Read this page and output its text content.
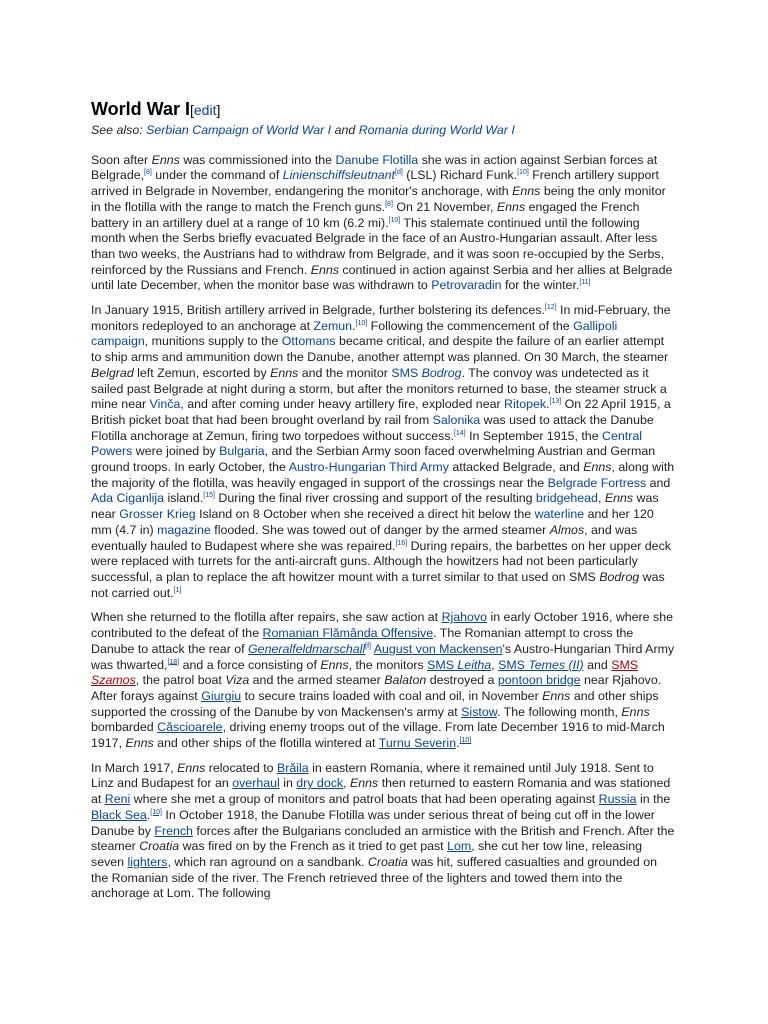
World War I[edit]
See also: Serbian Campaign of World War I and Romania during World War I

Soon after Enns was commissioned into the Danube Flotilla she was in action against Serbian forces at Belgrade,[8] under the command of Linienschiffsleutnant[d] (LSL) Richard Funk.[10] French artillery support arrived in Belgrade in November, endangering the monitor's anchorage, with Enns being the only monitor in the flotilla with the range to match the French guns.[8] On 21 November, Enns engaged the French battery in an artillery duel at a range of 10 km (6.2 mi).[10] This stalemate continued until the following month when the Serbs briefly evacuated Belgrade in the face of an Austro-Hungarian assault. After less than two weeks, the Austrians had to withdraw from Belgrade, and it was soon re-occupied by the Serbs, reinforced by the Russians and French. Enns continued in action against Serbia and her allies at Belgrade until late December, when the monitor base was withdrawn to Petrovaradin for the winter.[11]

In January 1915, British artillery arrived in Belgrade, further bolstering its defences.[12] In mid-February, the monitors redeployed to an anchorage at Zemun.[10] Following the commencement of the Gallipoli campaign, munitions supply to the Ottomans became critical, and despite the failure of an earlier attempt to ship arms and ammunition down the Danube, another attempt was planned. On 30 March, the steamer Belgrad left Zemun, escorted by Enns and the monitor SMS Bodrog. The convoy was undetected as it sailed past Belgrade at night during a storm, but after the monitors returned to base, the steamer struck a mine near Vinča, and after coming under heavy artillery fire, exploded near Ritopek.[13] On 22 April 1915, a British picket boat that had been brought overland by rail from Salonika was used to attack the Danube Flotilla anchorage at Zemun, firing two torpedoes without success.[14] In September 1915, the Central Powers were joined by Bulgaria, and the Serbian Army soon faced overwhelming Austrian and German ground troops. In early October, the Austro-Hungarian Third Army attacked Belgrade, and Enns, along with the majority of the flotilla, was heavily engaged in support of the crossings near the Belgrade Fortress and Ada Ciganlija island.[15] During the final river crossing and support of the resulting bridgehead, Enns was near Grosser Krieg Island on 8 October when she received a direct hit below the waterline and her 120 mm (4.7 in) magazine flooded. She was towed out of danger by the armed steamer Almos, and was eventually hauled to Budapest where she was repaired.[16] During repairs, the barbettes on her upper deck were replaced with turrets for the anti-aircraft guns. Although the howitzers had not been particularly successful, a plan to replace the aft howitzer mount with a turret similar to that used on SMS Bodrog was not carried out.[1]

When she returned to the flotilla after repairs, she saw action at Rjahovo in early October 1916, where she contributed to the defeat of the Romanian Flămânda Offensive. The Romanian attempt to cross the Danube to attack the rear of Generalfeldmarschall[f] August von Mackensen's Austro-Hungarian Third Army was thwarted,[18] and a force consisting of Enns, the monitors SMS Leitha, SMS Temes (II) and SMS Szamos, the patrol boat Viza and the armed steamer Balaton destroyed a pontoon bridge near Rjahovo. After forays against Giurgiu to secure trains loaded with coal and oil, in November Enns and other ships supported the crossing of the Danube by von Mackensen's army at Sistow. The following month, Enns bombarded Căscioarele, driving enemy troops out of the village. From late December 1916 to mid-March 1917, Enns and other ships of the flotilla wintered at Turnu Severin.[10]

In March 1917, Enns relocated to Brăila in eastern Romania, where it remained until July 1918. Sent to Linz and Budapest for an overhaul in dry dock, Enns then returned to eastern Romania and was stationed at Reni where she met a group of monitors and patrol boats that had been operating against Russia in the Black Sea.[10] In October 1918, the Danube Flotilla was under serious threat of being cut off in the lower Danube by French forces after the Bulgarians concluded an armistice with the British and French. After the steamer Croatia was fired on by the French as it tried to get past Lom, she cut her tow line, releasing seven lighters, which ran aground on a sandbank. Croatia was hit, suffered casualties and grounded on the Romanian side of the river. The French retrieved three of the lighters and towed them into the anchorage at Lom. The following
